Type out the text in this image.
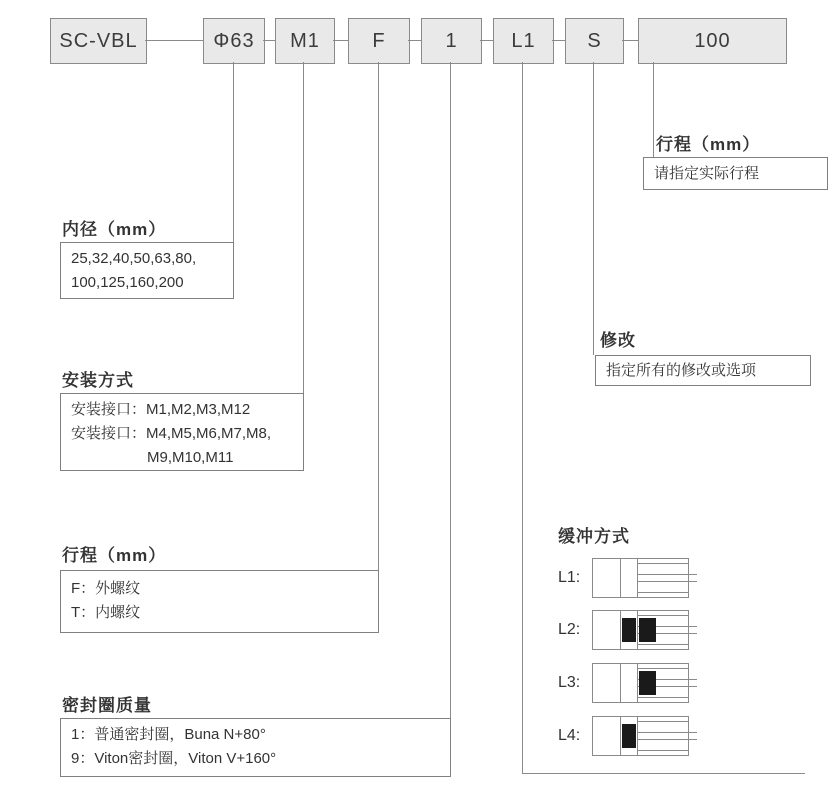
SC-VBL	Φ63	M1	F	1	L1	S	100
行程（mm）
请指定实际行程
内径（mm）
25,32,40,50,63,80,
100,125,160,200
修改
指定所有的修改或选项
安装方式
安装接口：M1,M2,M3,M12
安装接口：M4,M5,M6,M7,M8,
M9,M10,M11
行程（mm）
F：外螺纹
T：内螺纹
密封圈质量
1：普通密封圈，Buna N+80°
9：Viton密封圈，Viton V+160°
缓冲方式
L1:
L2:
L3:
L4:
